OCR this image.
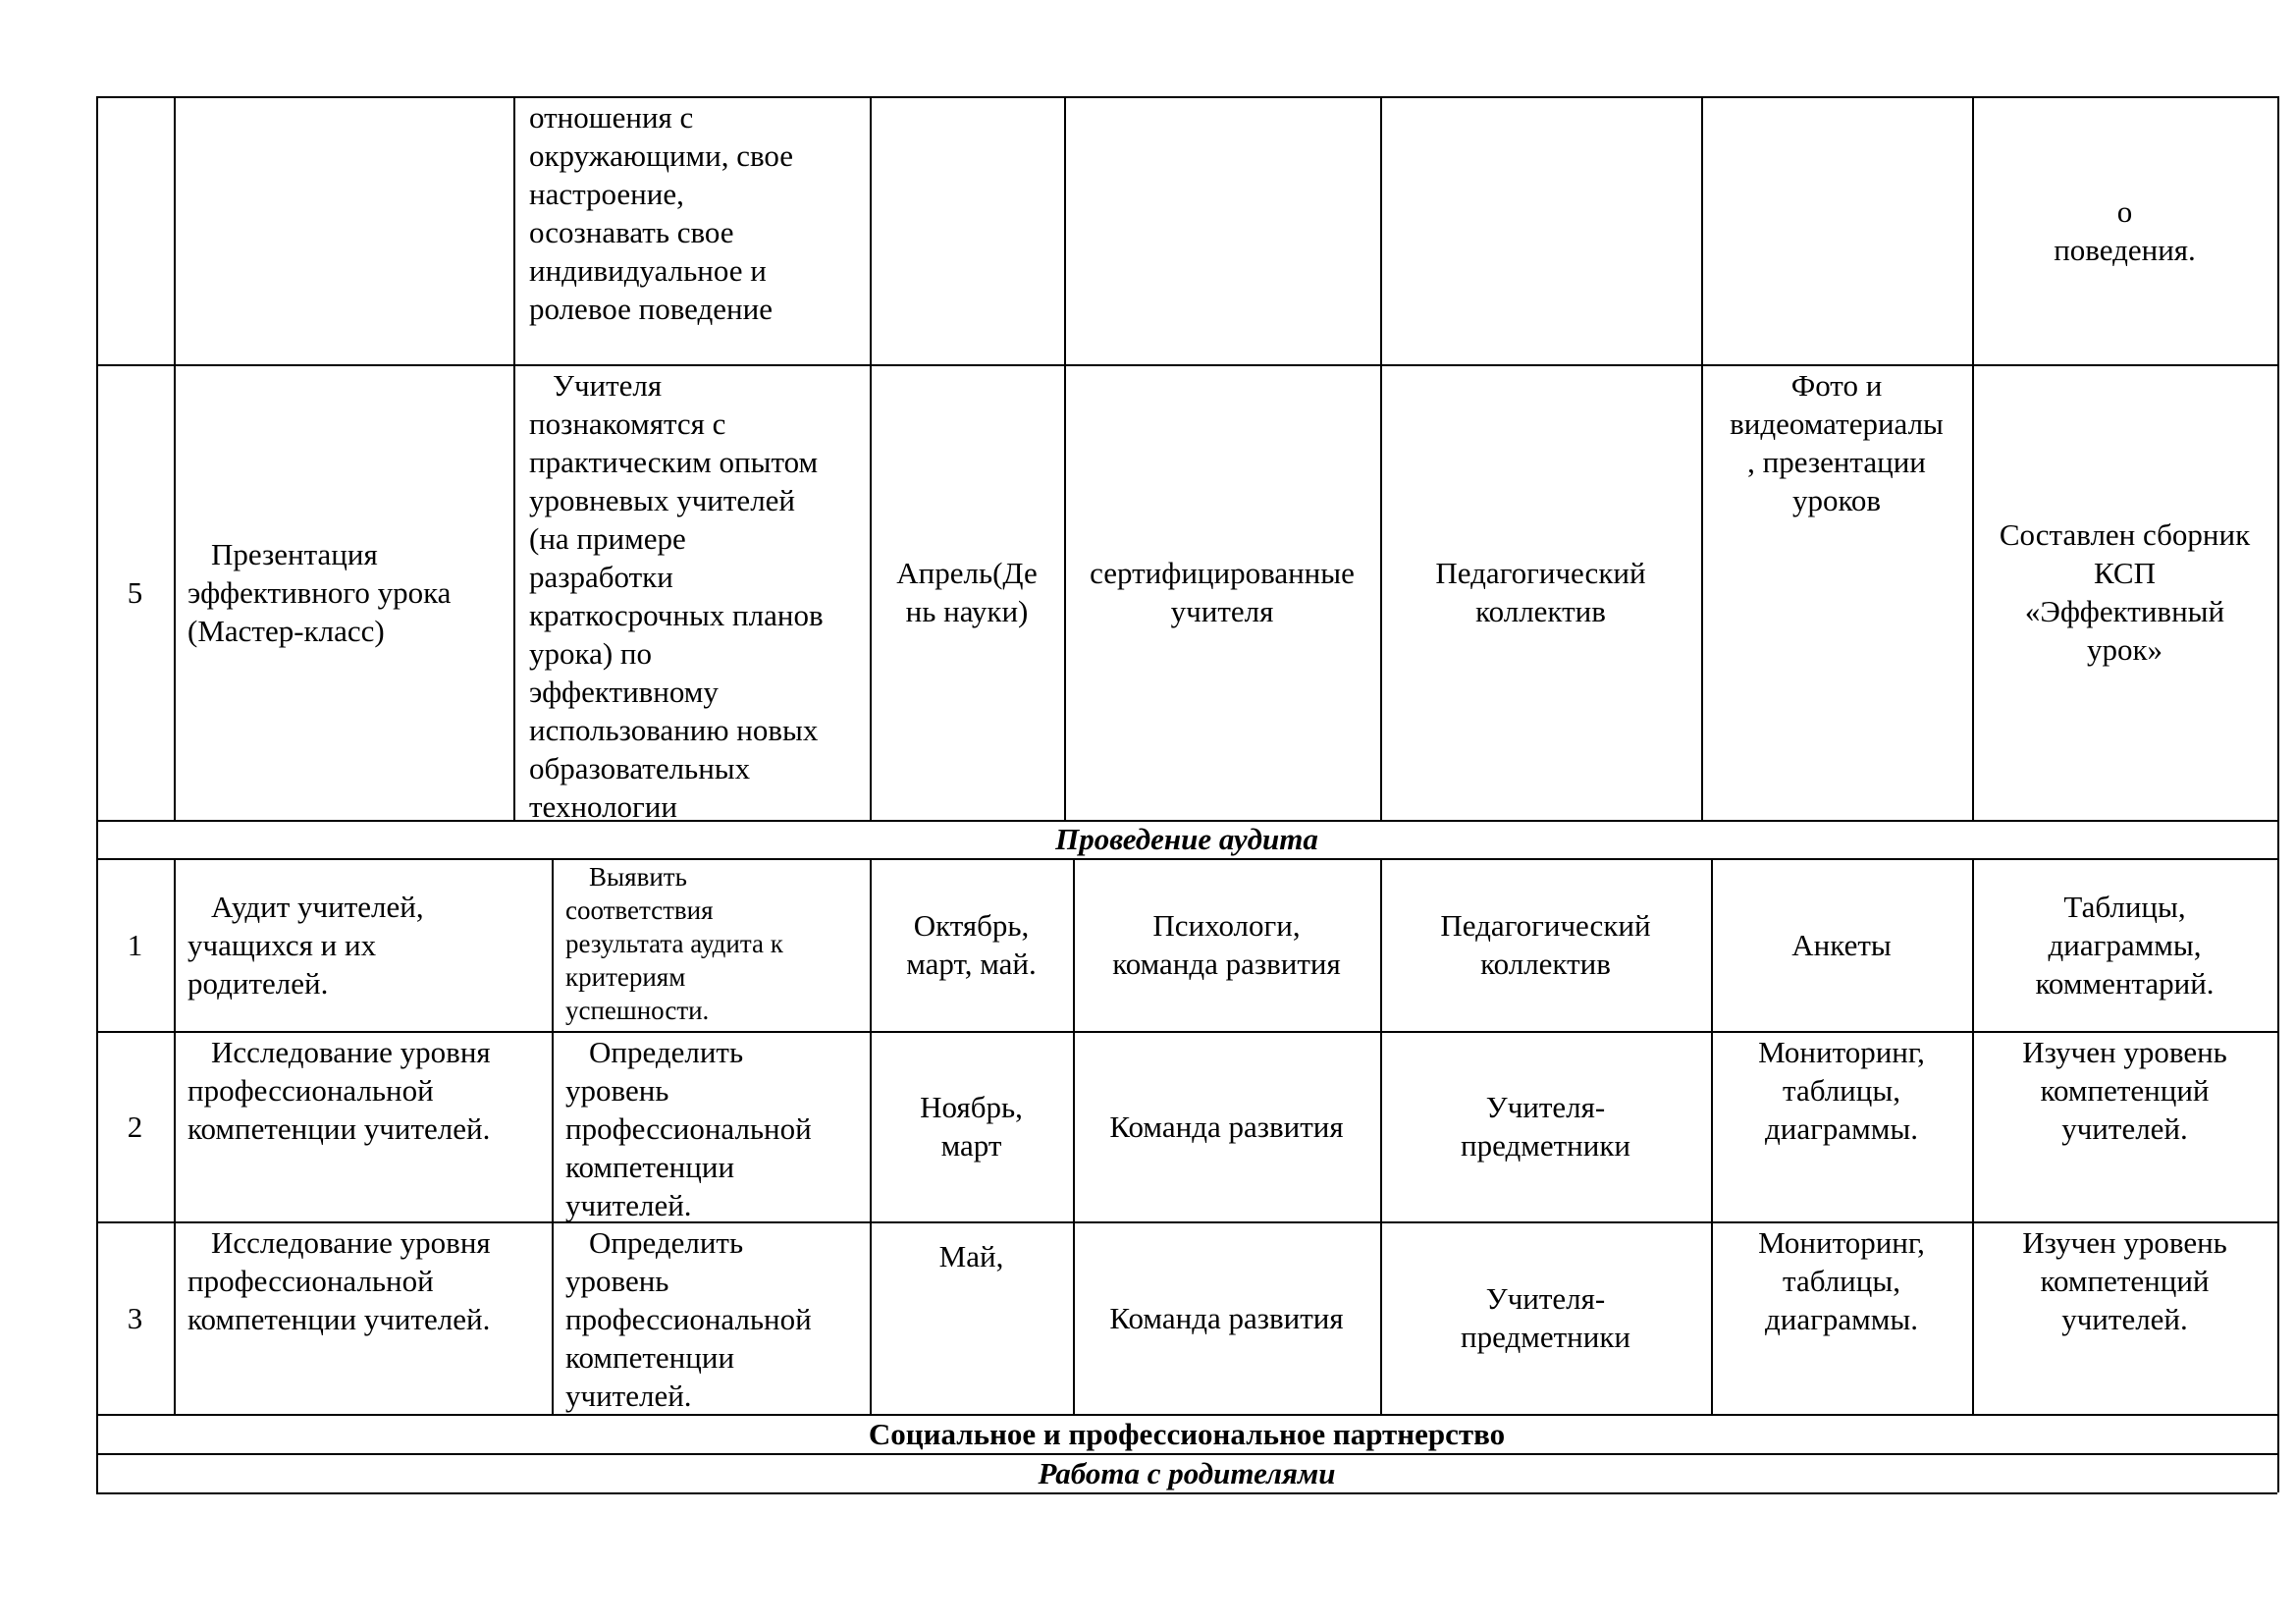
отношения с
окружающими, свое
настроение,
осознавать свое
индивидуальное и
ролевое поведение
о
поведения.
5
Презентация
эффективного урока
(Мастер-класс)
Учителя
познакомятся с
практическим опытом
уровневых учителей
(на примере
разработки
краткосрочных планов
урока) по
эффективному
использованию новых
образовательных
технологии
Апрель(Де
нь науки)
сертифицированные
учителя
Педагогический
коллектив
Фото и
видеоматериалы
, презентации
уроков
Составлен сборник
КСП
«Эффективный
урок»
Проведение аудита
1
Аудит учителей,
учащихся и их
родителей.
Выявить
соответствия
результата аудита к
критериям
успешности.
Октябрь,
март, май.
Психологи,
команда развития
Педагогический
коллектив
Анкеты
Таблицы,
диаграммы,
комментарий.
2
Исследование уровня
профессиональной
компетенции учителей.
Определить
уровень
профессиональной
компетенции
учителей.
Ноябрь,
март
Команда развития
Учителя-
предметники
Мониторинг,
таблицы,
диаграммы.
Изучен уровень
компетенций
учителей.
3
Исследование уровня
профессиональной
компетенции учителей.
Определить
уровень
профессиональной
компетенции
учителей.
Май,
Команда развития
Учителя-
предметники
Мониторинг,
таблицы,
диаграммы.
Изучен уровень
компетенций
учителей.
Социальное и профессиональное партнерство
Работа с родителями
